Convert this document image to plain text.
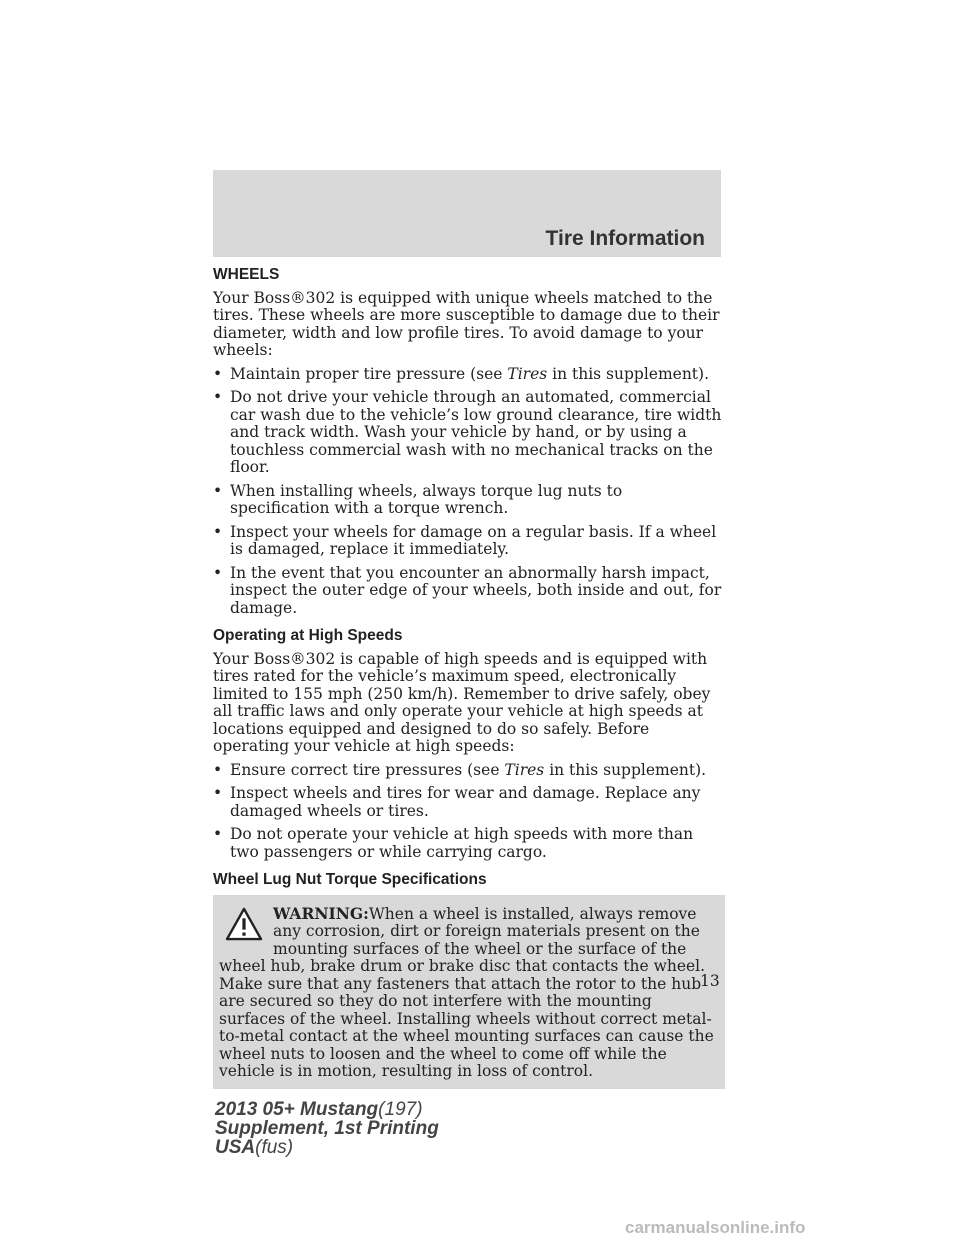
Tire Information
WHEELS

Your Boss®302 is equipped with unique wheels matched to the tires. These wheels are more susceptible to damage due to their diameter, width and low profile tires. To avoid damage to your wheels:

• Maintain proper tire pressure (see Tires in this supplement).
• Do not drive your vehicle through an automated, commercial car wash due to the vehicle’s low ground clearance, tire width and track width. Wash your vehicle by hand, or by using a touchless commercial wash with no mechanical tracks on the floor.
• When installing wheels, always torque lug nuts to specification with a torque wrench.
• Inspect your wheels for damage on a regular basis. If a wheel is damaged, replace it immediately.
• In the event that you encounter an abnormally harsh impact, inspect the outer edge of your wheels, both inside and out, for damage.
Operating at High Speeds

Your Boss®302 is capable of high speeds and is equipped with tires rated for the vehicle’s maximum speed, electronically limited to 155 mph (250 km/h). Remember to drive safely, obey all traffic laws and only operate your vehicle at high speeds at locations equipped and designed to do so safely. Before operating your vehicle at high speeds:

• Ensure correct tire pressures (see Tires in this supplement).
• Inspect wheels and tires for wear and damage. Replace any damaged wheels or tires.
• Do not operate your vehicle at high speeds with more than two passengers or while carrying cargo.
Wheel Lug Nut Torque Specifications
WARNING:When a wheel is installed, always remove any corrosion, dirt or foreign materials present on the mounting surfaces of the wheel or the surface of the wheel hub, brake drum or brake disc that contacts the wheel. Make sure that any fasteners that attach the rotor to the hub are secured so they do not interfere with the mounting surfaces of the wheel. Installing wheels without correct metal-to-metal contact at the wheel mounting surfaces can cause the wheel nuts to loosen and the wheel to come off while the vehicle is in motion, resulting in loss of control.
13
2013 05+ Mustang(197)
Supplement, 1st Printing
USA(fus)
carmanualsonline.info
